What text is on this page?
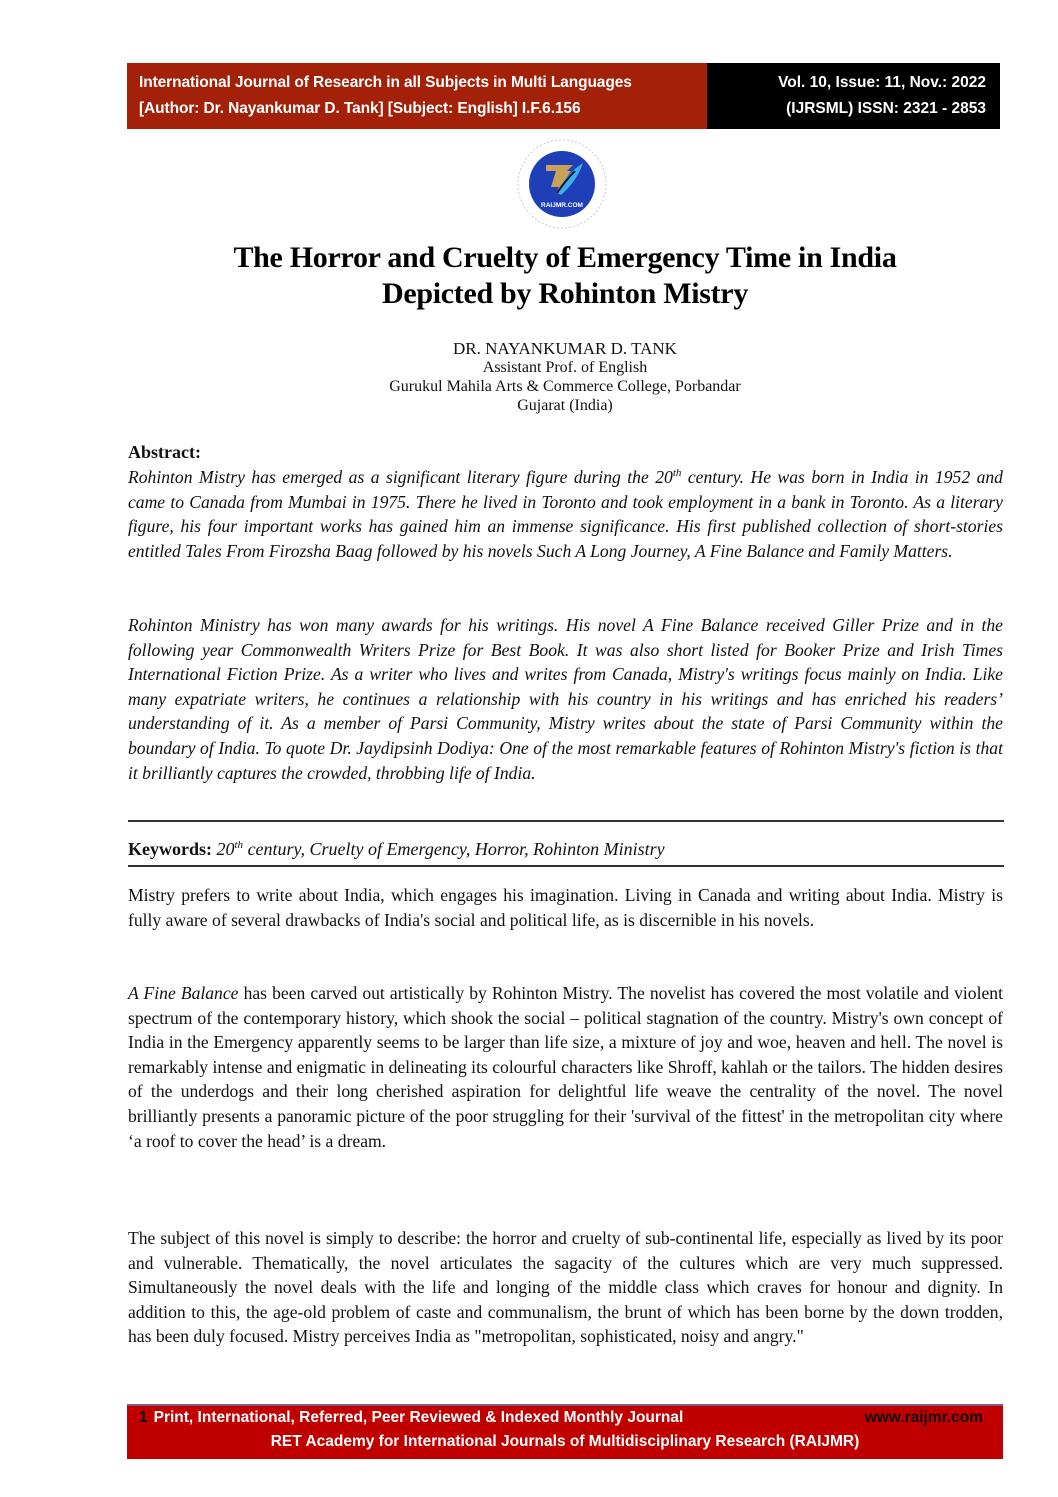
International Journal of Research in all Subjects in Multi Languages
[Author: Dr. Nayankumar D. Tank] [Subject: English] I.F.6.156
Vol. 10, Issue: 11, Nov.: 2022
(IJRSML) ISSN: 2321 - 2853
RAIJMR.COM
The Horror and Cruelty of Emergency Time in India
Depicted by Rohinton Mistry
DR. NAYANKUMAR D. TANK
Assistant Prof. of English
Gurukul Mahila Arts & Commerce College, Porbandar
Gujarat (India)
Abstract:

Rohinton Mistry has emerged as a significant literary figure during the 20th century. He was born in India in 1952 and came to Canada from Mumbai in 1975. There he lived in Toronto and took employment in a bank in Toronto. As a literary figure, his four important works has gained him an immense significance. His first published collection of short-stories entitled Tales From Firozsha Baag followed by his novels Such A Long Journey, A Fine Balance and Family Matters.

Rohinton Ministry has won many awards for his writings. His novel A Fine Balance received Giller Prize and in the following year Commonwealth Writers Prize for Best Book. It was also short listed for Booker Prize and Irish Times International Fiction Prize. As a writer who lives and writes from Canada, Mistry's writings focus mainly on India. Like many expatriate writers, he continues a relationship with his country in his writings and has enriched his readers’ understanding of it. As a member of Parsi Community, Mistry writes about the state of Parsi Community within the boundary of India. To quote Dr. Jaydipsinh Dodiya: One of the most remarkable features of Rohinton Mistry's fiction is that it brilliantly captures the crowded, throbbing life of India.

Keywords: 20th century, Cruelty of Emergency, Horror, Rohinton Ministry

Mistry prefers to write about India, which engages his imagination. Living in Canada and writing about India. Mistry is fully aware of several drawbacks of India's social and political life, as is discernible in his novels.

A Fine Balance has been carved out artistically by Rohinton Mistry. The novelist has covered the most volatile and violent spectrum of the contemporary history, which shook the social – political stagnation of the country. Mistry's own concept of India in the Emergency apparently seems to be larger than life size, a mixture of joy and woe, heaven and hell. The novel is remarkably intense and enigmatic in delineating its colourful characters like Shroff, kahlah or the tailors. The hidden desires of the underdogs and their long cherished aspiration for delightful life weave the centrality of the novel. The novel brilliantly presents a panoramic picture of the poor struggling for their 'survival of the fittest' in the metropolitan city where ‘a roof to cover the head’ is a dream.

The subject of this novel is simply to describe: the horror and cruelty of sub-continental life, especially as lived by its poor and vulnerable. Thematically, the novel articulates the sagacity of the cultures which are very much suppressed. Simultaneously the novel deals with the life and longing of the middle class which craves for honour and dignity. In addition to this, the age-old problem of caste and communalism, the brunt of which has been borne by the down trodden, has been duly focused. Mistry perceives India as "metropolitan, sophisticated, noisy and angry."

1 Print, International, Referred, Peer Reviewed & Indexed Monthly Journal	www.raijmr.com
RET Academy for International Journals of Multidisciplinary Research (RAIJMR)
